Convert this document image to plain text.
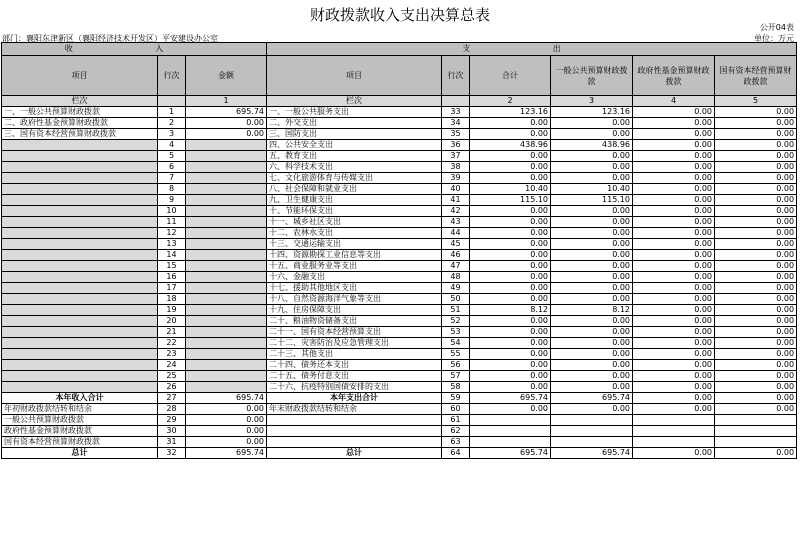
财政拨款收入支出决算总表
公开04表
部门：襄阳东津新区（襄阳经济技术开发区）平安建设办公室	单位：万元
收 入			支 出					
项目	行次	金额	项目	行次	合计	一般公共预算财政拨款	政府性基金预算财政拨款	国有资本经营预算财政拨款
栏次		1	栏次		2	3	4	5
一、一般公共预算财政拨款	1	695.74	一、一般公共服务支出	33	123.16	123.16	0.00	0.00
二、政府性基金预算财政拨款	2	0.00	二、外交支出	34	0.00	0.00	0.00	0.00
三、国有资本经营预算财政拨款	3	0.00	三、国防支出	35	0.00	0.00	0.00	0.00
	4		四、公共安全支出	36	438.96	438.96	0.00	0.00
	5		五、教育支出	37	0.00	0.00	0.00	0.00
	6		六、科学技术支出	38	0.00	0.00	0.00	0.00
	7		七、文化旅游体育与传媒支出	39	0.00	0.00	0.00	0.00
	8		八、社会保障和就业支出	40	10.40	10.40	0.00	0.00
	9		九、卫生健康支出	41	115.10	115.10	0.00	0.00
	10		十、节能环保支出	42	0.00	0.00	0.00	0.00
	11		十一、城乡社区支出	43	0.00	0.00	0.00	0.00
	12		十二、农林水支出	44	0.00	0.00	0.00	0.00
	13		十三、交通运输支出	45	0.00	0.00	0.00	0.00
	14		十四、资源勘探工业信息等支出	46	0.00	0.00	0.00	0.00
	15		十五、商业服务业等支出	47	0.00	0.00	0.00	0.00
	16		十六、金融支出	48	0.00	0.00	0.00	0.00
	17		十七、援助其他地区支出	49	0.00	0.00	0.00	0.00
	18		十八、自然资源海洋气象等支出	50	0.00	0.00	0.00	0.00
	19		十九、住房保障支出	51	8.12	8.12	0.00	0.00
	20		二十、粮油物资储备支出	52	0.00	0.00	0.00	0.00
	21		二十一、国有资本经营预算支出	53	0.00	0.00	0.00	0.00
	22		二十二、灾害防治及应急管理支出	54	0.00	0.00	0.00	0.00
	23		二十三、其他支出	55	0.00	0.00	0.00	0.00
	24		二十四、债务还本支出	56	0.00	0.00	0.00	0.00
	25		二十五、债务付息支出	57	0.00	0.00	0.00	0.00
	26		二十六、抗疫特别国债安排的支出	58	0.00	0.00	0.00	0.00
本年收入合计	27	695.74	本年支出合计	59	695.74	695.74	0.00	0.00
年初财政拨款结转和结余	28	0.00	年末财政拨款结转和结余	60	0.00	0.00	0.00	0.00
一般公共预算财政拨款	29	0.00		61				
政府性基金预算财政拨款	30	0.00		62				
国有资本经营预算财政拨款	31	0.00		63				
总计	32	695.74	总计	64	695.74	695.74	0.00	0.00
